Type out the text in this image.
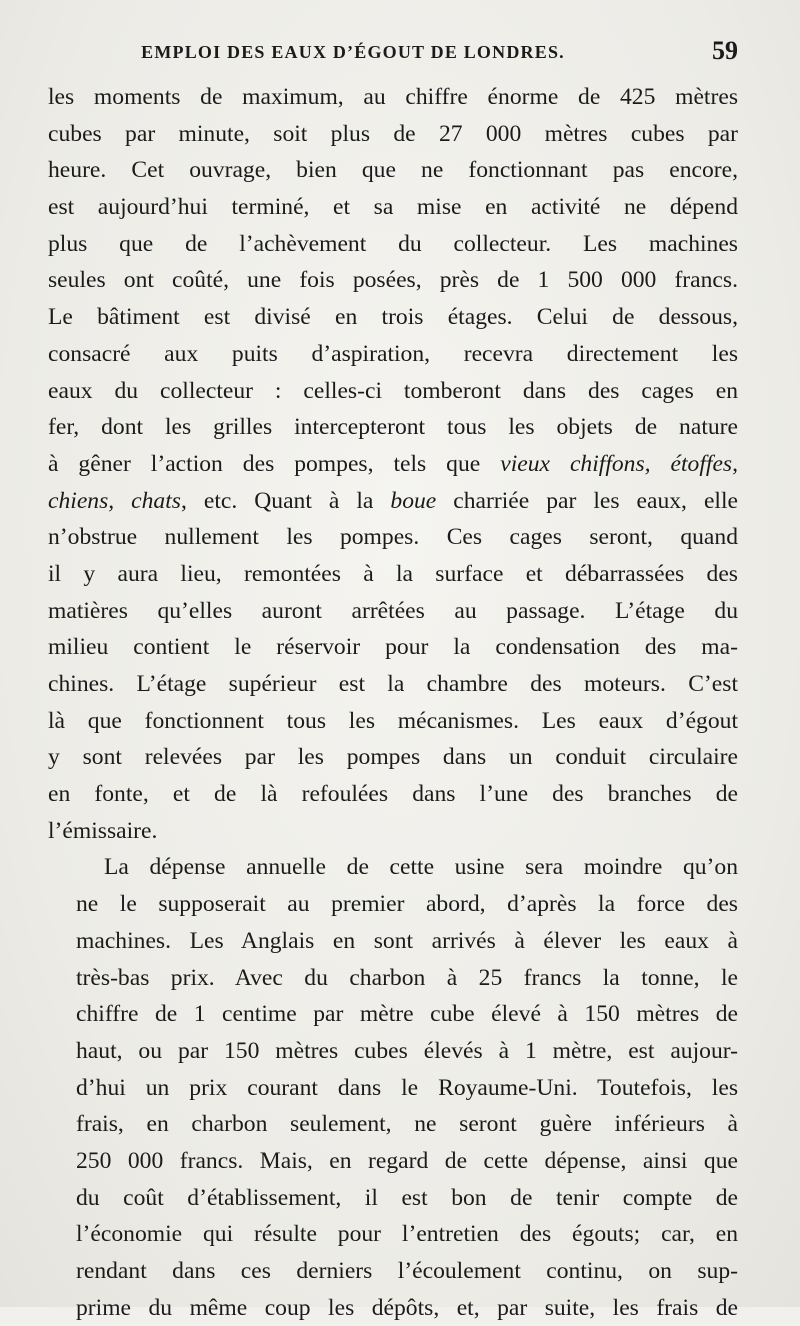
EMPLOI DES EAUX D’ÉGOUT DE LONDRES.	59
les moments de maximum, au chiffre énorme de 425 mètres
cubes par minute, soit plus de 27 000 mètres cubes par
heure. Cet ouvrage, bien que ne fonctionnant pas encore,
est aujourd’hui terminé, et sa mise en activité ne dépend
plus que de l’achèvement du collecteur. Les machines
seules ont coûté, une fois posées, près de 1 500 000 francs.
Le bâtiment est divisé en trois étages. Celui de dessous,
consacré aux puits d’aspiration, recevra directement les
eaux du collecteur : celles-ci tomberont dans des cages en
fer, dont les grilles intercepteront tous les objets de nature
à gêner l’action des pompes, tels que vieux chiffons, étoffes,
chiens, chats, etc. Quant à la boue charriée par les eaux, elle
n’obstrue nullement les pompes. Ces cages seront, quand
il y aura lieu, remontées à la surface et débarrassées des
matières qu’elles auront arrêtées au passage. L’étage du
milieu contient le réservoir pour la condensation des ma-
chines. L’étage supérieur est la chambre des moteurs. C’est
là que fonctionnent tous les mécanismes. Les eaux d’égout
y sont relevées par les pompes dans un conduit circulaire
en fonte, et de là refoulées dans l’une des branches de
l’émissaire.
La dépense annuelle de cette usine sera moindre qu’on
ne le supposerait au premier abord, d’après la force des
machines. Les Anglais en sont arrivés à élever les eaux à
très-bas prix. Avec du charbon à 25 francs la tonne, le
chiffre de 1 centime par mètre cube élevé à 150 mètres de
haut, ou par 150 mètres cubes élevés à 1 mètre, est aujour-
d’hui un prix courant dans le Royaume-Uni. Toutefois, les
frais, en charbon seulement, ne seront guère inférieurs à
250 000 francs. Mais, en regard de cette dépense, ainsi que
du coût d’établissement, il est bon de tenir compte de
l’économie qui résulte pour l’entretien des égouts; car, en
rendant dans ces derniers l’écoulement continu, on sup-
prime du même coup les dépôts, et, par suite, les frais de
